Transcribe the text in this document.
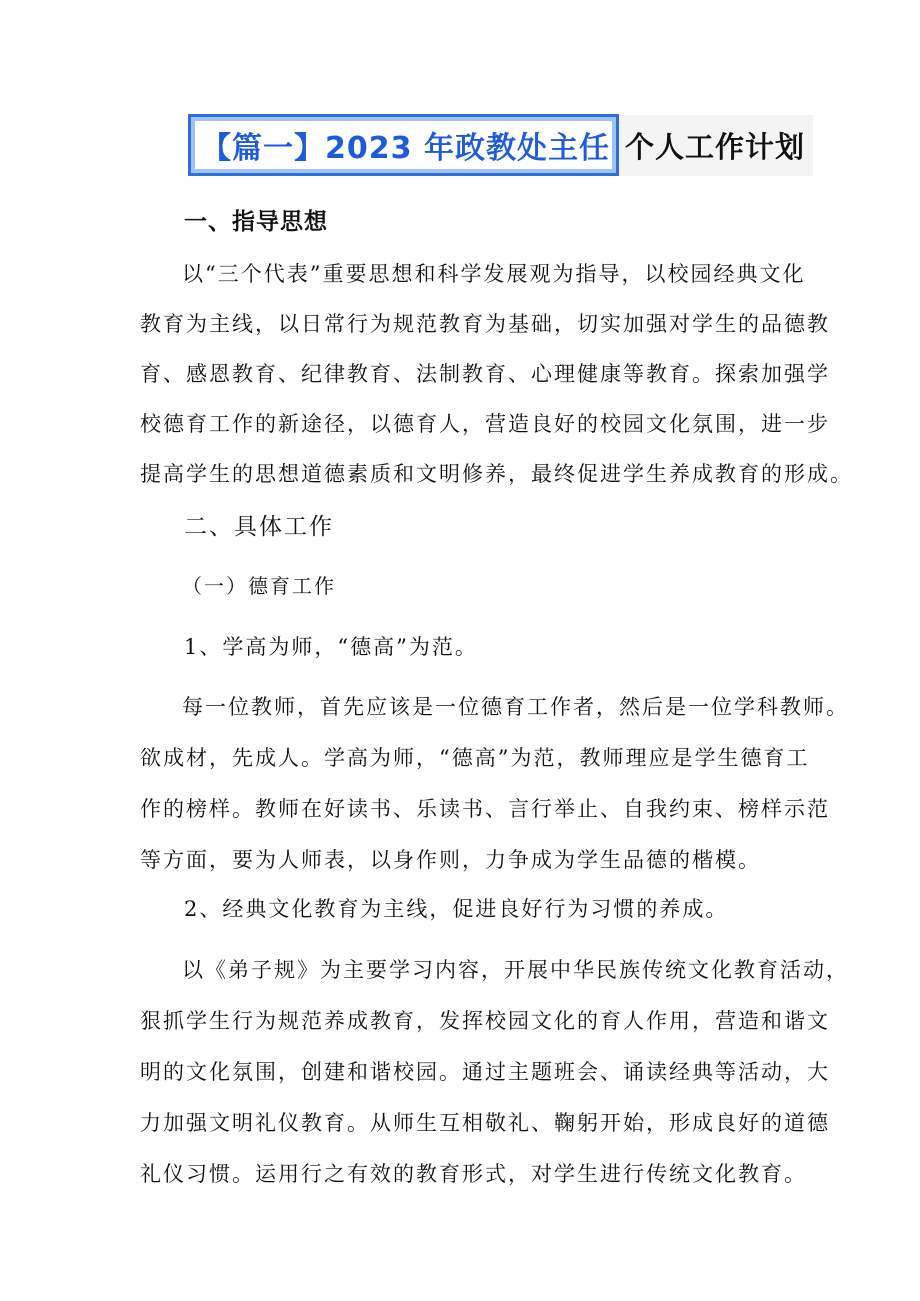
【篇一】2023 年政教处主任 个人工作计划
一、指导思想
以“三个代表”重要思想和科学发展观为指导，以校园经典文化
教育为主线，以日常行为规范教育为基础，切实加强对学生的品德教
育、感恩教育、纪律教育、法制教育、心理健康等教育。探索加强学
校德育工作的新途径，以德育人，营造良好的校园文化氛围，进一步
提高学生的思想道德素质和文明修养，最终促进学生养成教育的形成。
二、具体工作
（一）德育工作
1、学高为师，“德高”为范。
每一位教师，首先应该是一位德育工作者，然后是一位学科教师。
欲成材，先成人。学高为师，“德高”为范，教师理应是学生德育工
作的榜样。教师在好读书、乐读书、言行举止、自我约束、榜样示范
等方面，要为人师表，以身作则，力争成为学生品德的楷模。
2、经典文化教育为主线，促进良好行为习惯的养成。
以《弟子规》为主要学习内容，开展中华民族传统文化教育活动，
狠抓学生行为规范养成教育，发挥校园文化的育人作用，营造和谐文
明的文化氛围，创建和谐校园。通过主题班会、诵读经典等活动，大
力加强文明礼仪教育。从师生互相敬礼、鞠躬开始，形成良好的道德
礼仪习惯。运用行之有效的教育形式，对学生进行传统文化教育。
